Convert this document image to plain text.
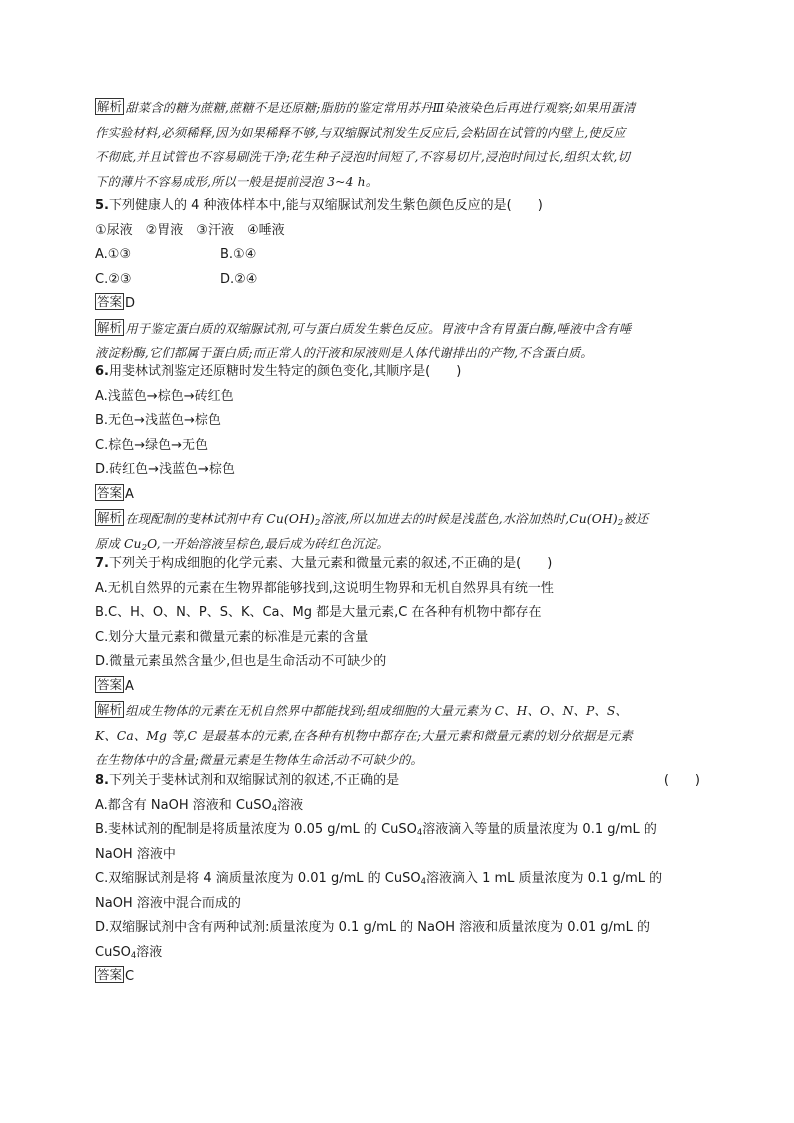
解析 甜菜含的糖为蔗糖,蔗糖不是还原糖;脂肪的鉴定常用苏丹Ⅲ染液染色后再进行观察;如果用蛋清
作实验材料,必须稀释,因为如果稀释不够,与双缩脲试剂发生反应后,会粘固在试管的内壁上,使反应
不彻底,并且试管也不容易刷洗干净;花生种子浸泡时间短了,不容易切片,浸泡时间过长,组织太软,切
下的薄片不容易成形,所以一般是提前浸泡 3~4 h。
5.下列健康人的 4 种液体样本中,能与双缩脲试剂发生紫色颜色反应的是(　　)
①尿液　②胃液　③汗液　④唾液
A.①③	B.①④
C.②③	D.②④
答案 D
解析 用于鉴定蛋白质的双缩脲试剂,可与蛋白质发生紫色反应。胃液中含有胃蛋白酶,唾液中含有唾
液淀粉酶,它们都属于蛋白质;而正常人的汗液和尿液则是人体代谢排出的产物,不含蛋白质。
6.用斐林试剂鉴定还原糖时发生特定的颜色变化,其顺序是(　　)
A.浅蓝色→棕色→砖红色
B.无色→浅蓝色→棕色
C.棕色→绿色→无色
D.砖红色→浅蓝色→棕色
答案 A
解析 在现配制的斐林试剂中有 $Cu(OH)_2$溶液,所以加进去的时候是浅蓝色,水浴加热时$,Cu(OH)_2$被还
原成 $Cu_2O$,一开始溶液呈棕色,最后成为砖红色沉淀。
7.下列关于构成细胞的化学元素、大量元素和微量元素的叙述,不正确的是(　　)
A.无机自然界的元素在生物界都能够找到,这说明生物界和无机自然界具有统一性
B.C、H、O、N、P、S、K、Ca、Mg 都是大量元素,C 在各种有机物中都存在
C.划分大量元素和微量元素的标准是元素的含量
D.微量元素虽然含量少,但也是生命活动不可缺少的
答案 A
解析 组成生物体的元素在无机自然界中都能找到;组成细胞的大量元素为 C、H、O、N、P、S、
K、Ca、Mg 等,C 是最基本的元素,在各种有机物中都存在;大量元素和微量元素的划分依据是元素
在生物体中的含量;微量元素是生物体生命活动不可缺少的。
8.下列关于斐林试剂和双缩脲试剂的叙述,不正确的是	(　　)
A.都含有 NaOH 溶液和 CuSO$_4$溶液
B.斐林试剂的配制是将质量浓度为 0.05 g/mL 的 CuSO$_4$溶液滴入等量的质量浓度为 0.1 g/mL 的
NaOH 溶液中
C.双缩脲试剂是将 4 滴质量浓度为 0.01 g/mL 的 CuSO$_4$溶液滴入 1 mL 质量浓度为 0.1 g/mL 的
NaOH 溶液中混合而成的
D.双缩脲试剂中含有两种试剂:质量浓度为 0.1 g/mL 的 NaOH 溶液和质量浓度为 0.01 g/mL 的
CuSO$_4$溶液
答案 C
